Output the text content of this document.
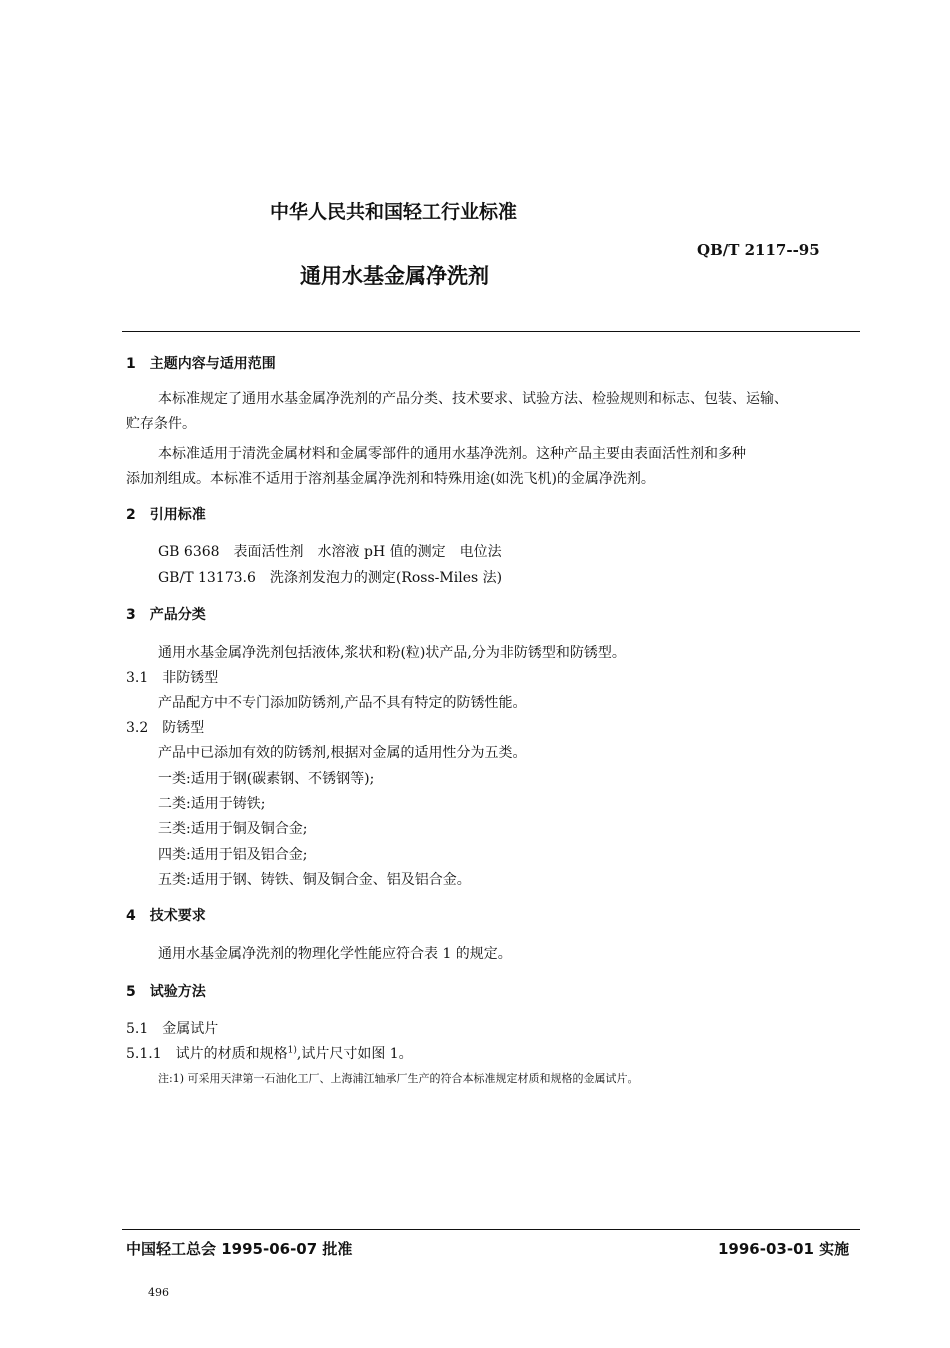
中华人民共和国轻工行业标准
QB/T 2117--95
通用水基金属净洗剂
1　主题内容与适用范围
本标准规定了通用水基金属净洗剂的产品分类、技术要求、试验方法、检验规则和标志、包装、运输、
贮存条件。
本标准适用于清洗金属材料和金属零部件的通用水基净洗剂。这种产品主要由表面活性剂和多种
添加剂组成。本标准不适用于溶剂基金属净洗剂和特殊用途(如洗飞机)的金属净洗剂。
2　引用标准
GB 6368　表面活性剂　水溶液 pH 值的测定　电位法
GB/T 13173.6　洗涤剂发泡力的测定(Ross-Miles 法)
3　产品分类
通用水基金属净洗剂包括液体,浆状和粉(粒)状产品,分为非防锈型和防锈型。
3.1　非防锈型
产品配方中不专门添加防锈剂,产品不具有特定的防锈性能。
3.2　防锈型
产品中已添加有效的防锈剂,根据对金属的适用性分为五类。
一类:适用于钢(碳素钢、不锈钢等);
二类:适用于铸铁;
三类:适用于铜及铜合金;
四类:适用于铝及铝合金;
五类:适用于钢、铸铁、铜及铜合金、铝及铝合金。
4　技术要求
通用水基金属净洗剂的物理化学性能应符合表 1 的规定。
5　试验方法
5.1　金属试片
5.1.1　试片的材质和规格$^{1)}$,试片尺寸如图 1。
注:1) 可采用天津第一石油化工厂、上海浦江轴承厂生产的符合本标准规定材质和规格的金属试片。
中国轻工总会 1995-06-07 批准	1996-03-01 实施
496
